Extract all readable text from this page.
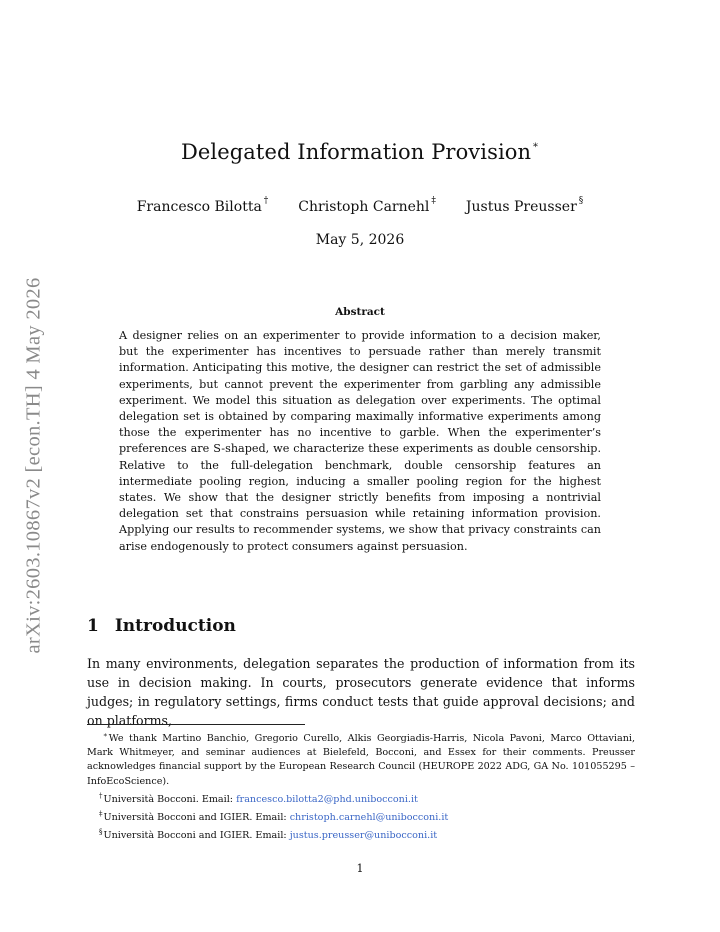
arXiv:2603.10867v2 [econ.TH] 4 May 2026
Delegated Information Provision∗
Francesco Bilotta † Christoph Carnehl ‡ Justus Preusser §
May 5, 2026
Abstract

A designer relies on an experimenter to provide information to a decision maker, but the experimenter has incentives to persuade rather than merely transmit information. Anticipating this motive, the designer can restrict the set of admissible experiments, but cannot prevent the experimenter from garbling any admissible experiment. We model this situation as delegation over experiments. The optimal delegation set is obtained by comparing maximally informative experiments among those the experimenter has no incentive to garble. When the experimenter’s preferences are S-shaped, we characterize these experiments as double censorship. Relative to the full-delegation benchmark, double censorship features an intermediate pooling region, inducing a smaller pooling region for the highest states. We show that the designer strictly benefits from imposing a nontrivial delegation set that constrains persuasion while retaining information provision. Applying our results to recommender systems, we show that privacy constraints can arise endogenously to protect consumers against persuasion.

1 Introduction

In many environments, delegation separates the production of information from its use in decision making. In courts, prosecutors generate evidence that informs judges; in regulatory settings, firms conduct tests that guide approval decisions; and on platforms,

∗We thank Martino Banchio, Gregorio Curello, Alkis Georgiadis-Harris, Nicola Pavoni, Marco Ottaviani, Mark Whitmeyer, and seminar audiences at Bielefeld, Bocconi, and Essex for their comments. Preusser acknowledges financial support by the European Research Council (HEUROPE 2022 ADG, GA No. 101055295 – InfoEcoScience).

†Università Bocconi. Email: francesco.bilotta2@phd.unibocconi.it

‡Università Bocconi and IGIER. Email: christoph.carnehl@unibocconi.it

§Università Bocconi and IGIER. Email: justus.preusser@unibocconi.it

1
